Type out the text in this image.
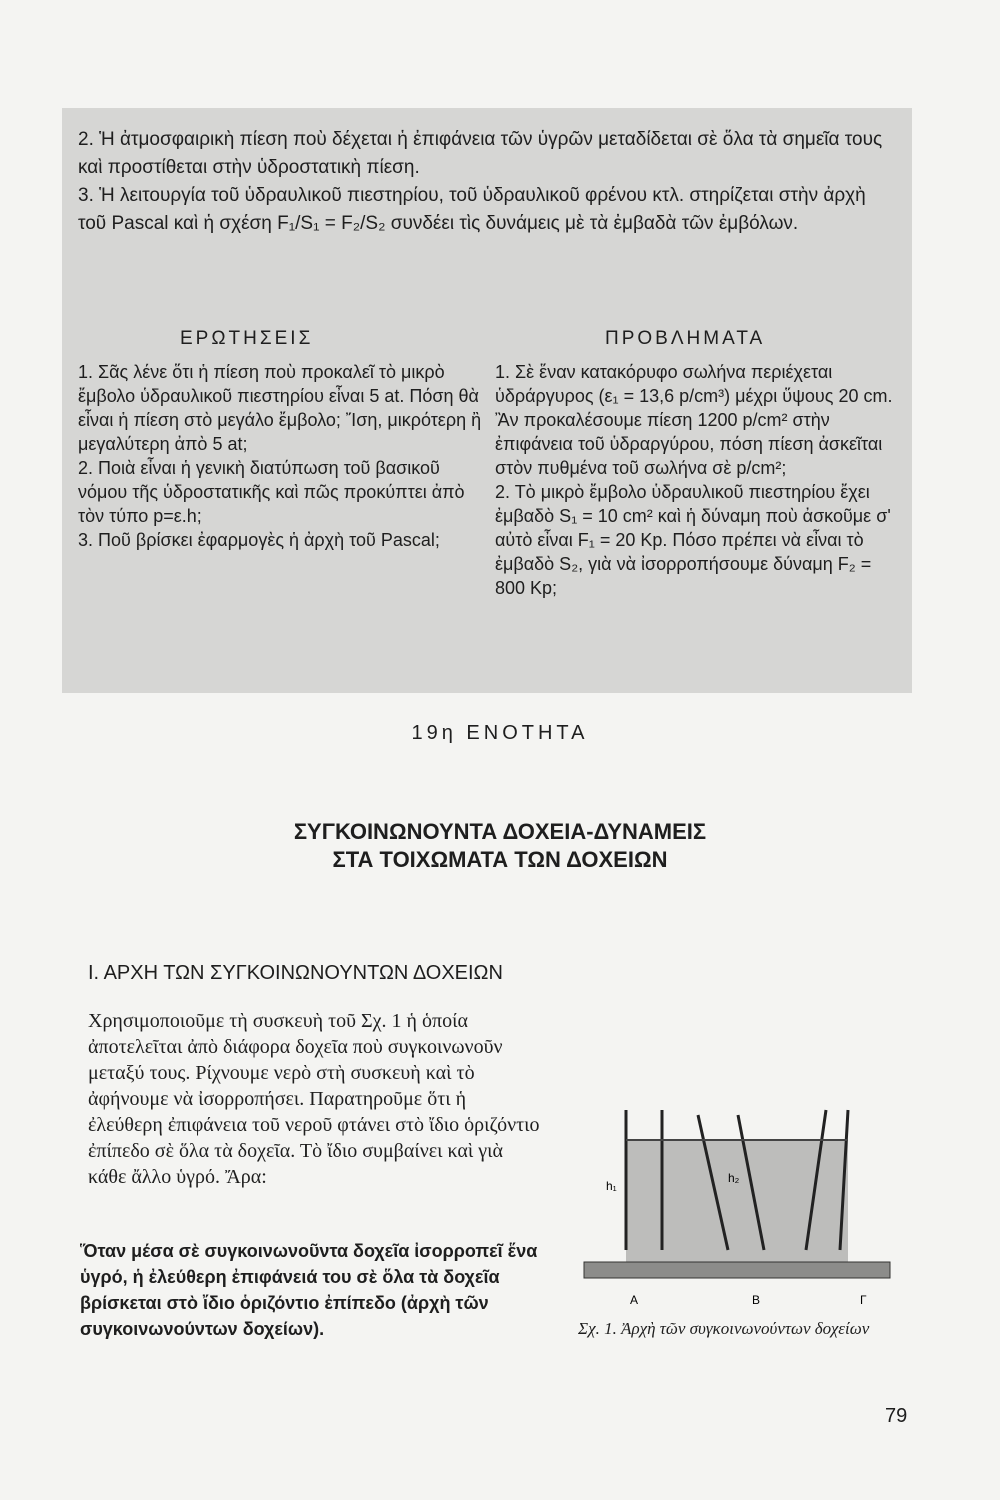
2. Ἡ ἀτμοσφαιρικὴ πίεση ποὺ δέχεται ἡ ἐπιφάνεια τῶν ὑγρῶν μεταδίδεται σὲ ὅλα τὰ σημεῖα τους καὶ προστίθεται στὴν ὑδροστατικὴ πίεση.

3. Ἡ λειτουργία τοῦ ὑδραυλικοῦ πιεστηρίου, τοῦ ὑδραυλικοῦ φρένου κτλ. στηρίζεται στὴν ἀρχὴ τοῦ Pascal καὶ ἡ σχέση F₁/S₁ = F₂/S₂ συνδέει τὶς δυνάμεις μὲ τὰ ἐμβαδὰ τῶν ἐμβόλων.

ΕΡΩΤΗΣΕΙΣ	ΠΡΟΒΛΗΜΑΤΑ

1. Σᾶς λένε ὅτι ἡ πίεση ποὺ προκαλεῖ τὸ μικρὸ ἔμβολο ὑδραυλικοῦ πιεστηρίου εἶναι 5 at. Πόση θὰ εἶναι ἡ πίεση στὸ μεγάλο ἔμβολο; Ἴση, μικρότερη ἢ μεγαλύτερη ἀπὸ 5 at;

2. Ποιὰ εἶναι ἡ γενικὴ διατύπωση τοῦ βασικοῦ νόμου τῆς ὑδροστατικῆς καὶ πῶς προκύπτει ἀπὸ τὸν τύπο p=ε.h;

3. Ποῦ βρίσκει ἐφαρμογὲς ἡ ἀρχὴ τοῦ Pascal;

1. Σὲ ἕναν κατακόρυφο σωλήνα περιέχεται ὑδράργυρος (ε₁ = 13,6 p/cm³) μέχρι ὕψους 20 cm. Ἂν προκαλέσουμε πίεση 1200 p/cm² στὴν ἐπιφάνεια τοῦ ὑδραργύρου, πόση πίεση ἀσκεῖται στὸν πυθμένα τοῦ σωλήνα σὲ p/cm²;

2. Τὸ μικρὸ ἔμβολο ὑδραυλικοῦ πιεστηρίου ἔχει ἐμβαδὸ S₁ = 10 cm² καὶ ἡ δύναμη ποὺ ἀσκοῦμε σ' αὐτὸ εἶναι F₁ = 20 Kp. Πόσο πρέπει νὰ εἶναι τὸ ἐμβαδὸ S₂, γιὰ νὰ ἰσορροπήσουμε δύναμη F₂ = 800 Kp;

19η ΕΝΟΤΗΤΑ
ΣΥΓΚΟΙΝΩΝΟΥΝΤΑ ΔΟΧΕΙΑ-ΔΥΝΑΜΕΙΣ
ΣΤΑ ΤΟΙΧΩΜΑΤΑ ΤΩΝ ΔΟΧΕΙΩΝ
Ι. ΑΡΧΗ ΤΩΝ ΣΥΓΚΟΙΝΩΝΟΥΝΤΩΝ ΔΟΧΕΙΩΝ
Χρησιμοποιοῦμε τὴ συσκευὴ τοῦ Σχ. 1 ἡ ὁποία ἀποτελεῖται ἀπὸ διάφορα δοχεῖα ποὺ συγκοινωνοῦν μεταξύ τους. Ρίχνουμε νερὸ στὴ συσκευὴ καὶ τὸ ἀφήνουμε νὰ ἰσορροπήσει. Παρατηροῦμε ὅτι ἡ ἐλεύθερη ἐπιφάνεια τοῦ νεροῦ φτάνει στὸ ἴδιο ὁριζόντιο ἐπίπεδο σὲ ὅλα τὰ δοχεῖα. Τὸ ἴδιο συμβαίνει καὶ γιὰ κάθε ἄλλο ὑγρό. Ἄρα:
Ὅταν μέσα σὲ συγκοινωνοῦντα δοχεῖα ἰσορροπεῖ ἕνα ὑγρό, ἡ ἐλεύθερη ἐπιφάνειά του σὲ ὅλα τὰ δοχεῖα βρίσκεται στὸ ἴδιο ὁριζόντιο ἐπίπεδο (ἀρχὴ τῶν συγκοινωνούντων δοχείων).
h₁
h₂
Α	Β	Γ
Σχ. 1. Ἀρχὴ τῶν συγκοινωνούντων δοχείων
79
